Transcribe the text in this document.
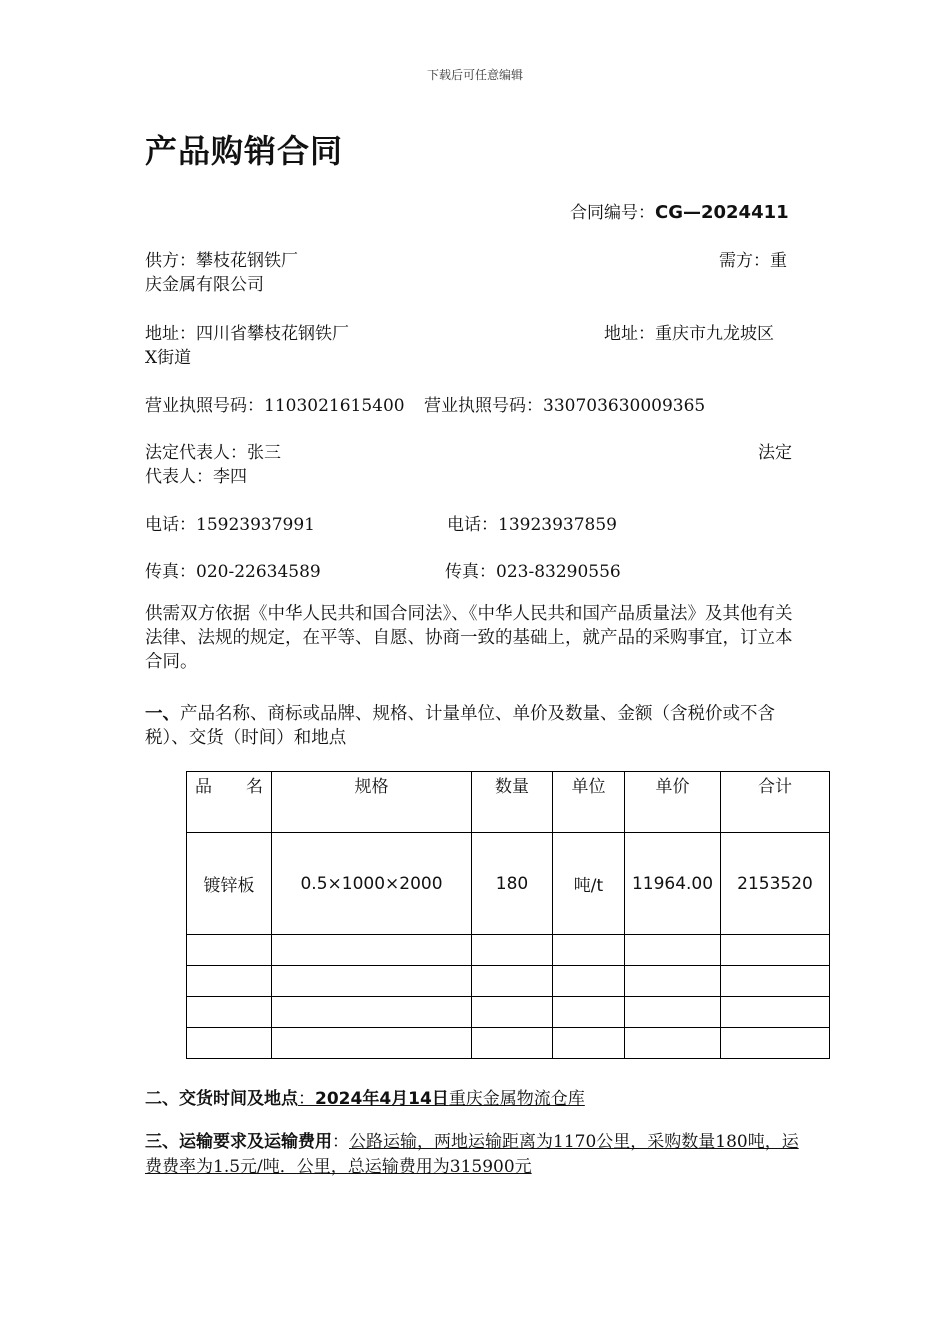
下载后可任意编辑
产品购销合同
合同编号：CG—2024411
供方：攀枝花钢铁厂	需方：重
庆金属有限公司
地址：四川省攀枝花钢铁厂	地址：重庆市九龙坡区
X街道
营业执照号码：1103021615400 营业执照号码：330703630009365
法定代表人：张三	法定
代表人：李四
电话：15923937991	电话：13923937859
传真：020-22634589	传真：023-83290556
供需双方依据《中华人民共和国合同法》、《中华人民共和国产品质量法》及其他有关法律、法规的规定，在平等、自愿、协商一致的基础上，就产品的采购事宜，订立本合同。
一、产品名称、商标或品牌、规格、计量单位、单价及数量、金额（含税价或不含税）、交货（时间）和地点
品　　名	规格	数量	单位	单价	合计
镀锌板	0.5×1000×2000	180	吨/t	11964.00	2153520

二、交货时间及地点：2024年4月14日重庆金属物流仓库
三、运输要求及运输费用：公路运输，两地运输距离为1170公里，采购数量180吨，运费费率为1.5元/吨．公里，总运输费用为315900元
